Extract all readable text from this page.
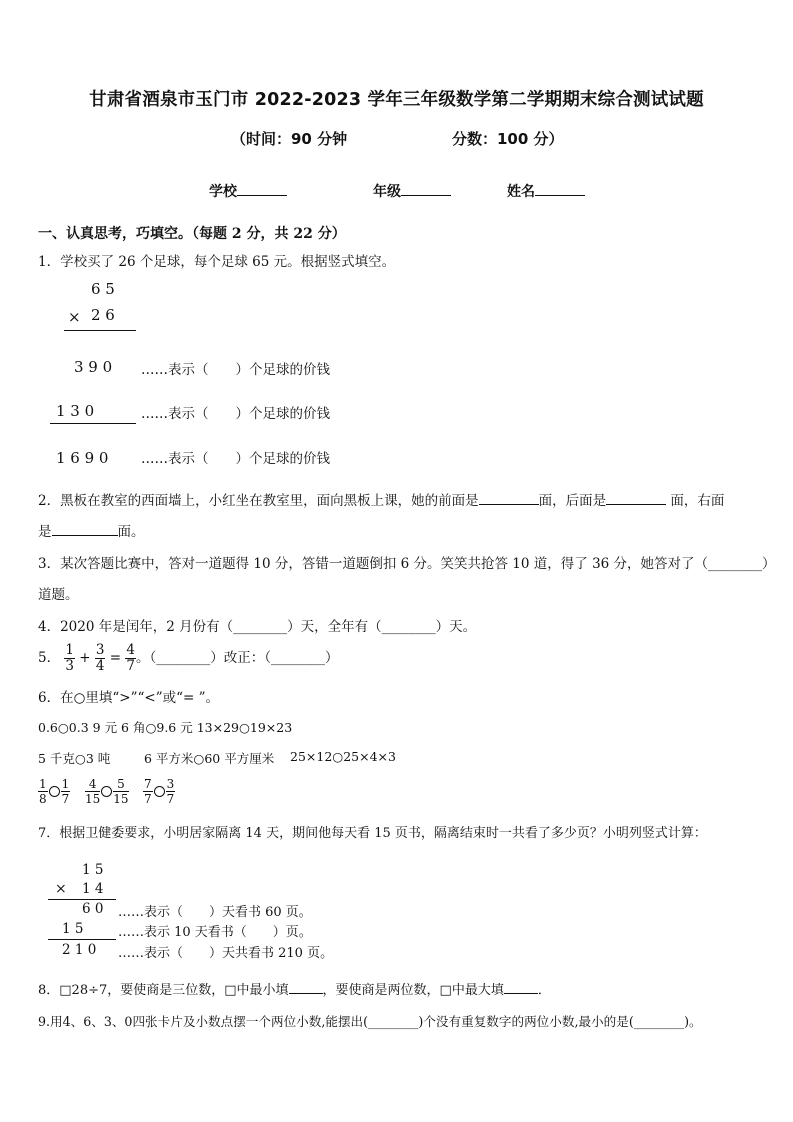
甘肃省酒泉市玉门市 2022-2023 学年三年级数学第二学期期末综合测试试题
（时间：90 分钟	分数：100 分）
学校	年级	姓名
一、认真思考，巧填空。（每题 2 分，共 22 分）
1．学校买了 26 个足球，每个足球 65 元。根据竖式填空。
6 5
× 2 6
3 9 0 ……表示（　　）个足球的价钱
1 3 0	……表示（　　）个足球的价钱
1 6 9 0 ……表示（　　）个足球的价钱
2．黑板在教室的西面墙上，小红坐在教室里，面向黑板上课，她的前面是	面，后面是	面，右面
是	面。
3．某次答题比赛中，答对一道题得 10 分，答错一道题倒扣 6 分。笑笑共抢答 10 道，得了 36 分，她答对了（________）
道题。
4．2020 年是闰年，2 月份有（________）天，全年有（________）天。
5． $\frac{1}{3} + \frac{3}{4} = \frac{4}{7}$ 。（________）改正：（________）
6．在○里填“>”“<”或“= ”。
0.6○0.3 9 元 6 角○9.6 元 13×29○19×23
5 千克○3 吨	6 平方米○60 平方厘米 25×12○25×4×3
$\frac{1}{8} \frac{1}{7} \frac{4}{15} \frac{5}{15} \frac{7}{7} \frac{3}{7}$
7．根据卫健委要求，小明居家隔离 14 天，期间他每天看 15 页书，隔离结束时一共看了多少页？小明列竖式计算：
1 5
× 1 4
6 0 ……表示（　　）天看书 60 页。
1 5	……表示 10 天看书（　　）页。
2 1 0 ……表示（　　）天共看书 210 页。
8．□28÷7，要使商是三位数，□中最小填	，要使商是两位数，□中最大填	．
9.用4、6、3、0四张卡片及小数点摆一个两位小数,能摆出(________)个没有重复数字的两位小数,最小的是(________)。
